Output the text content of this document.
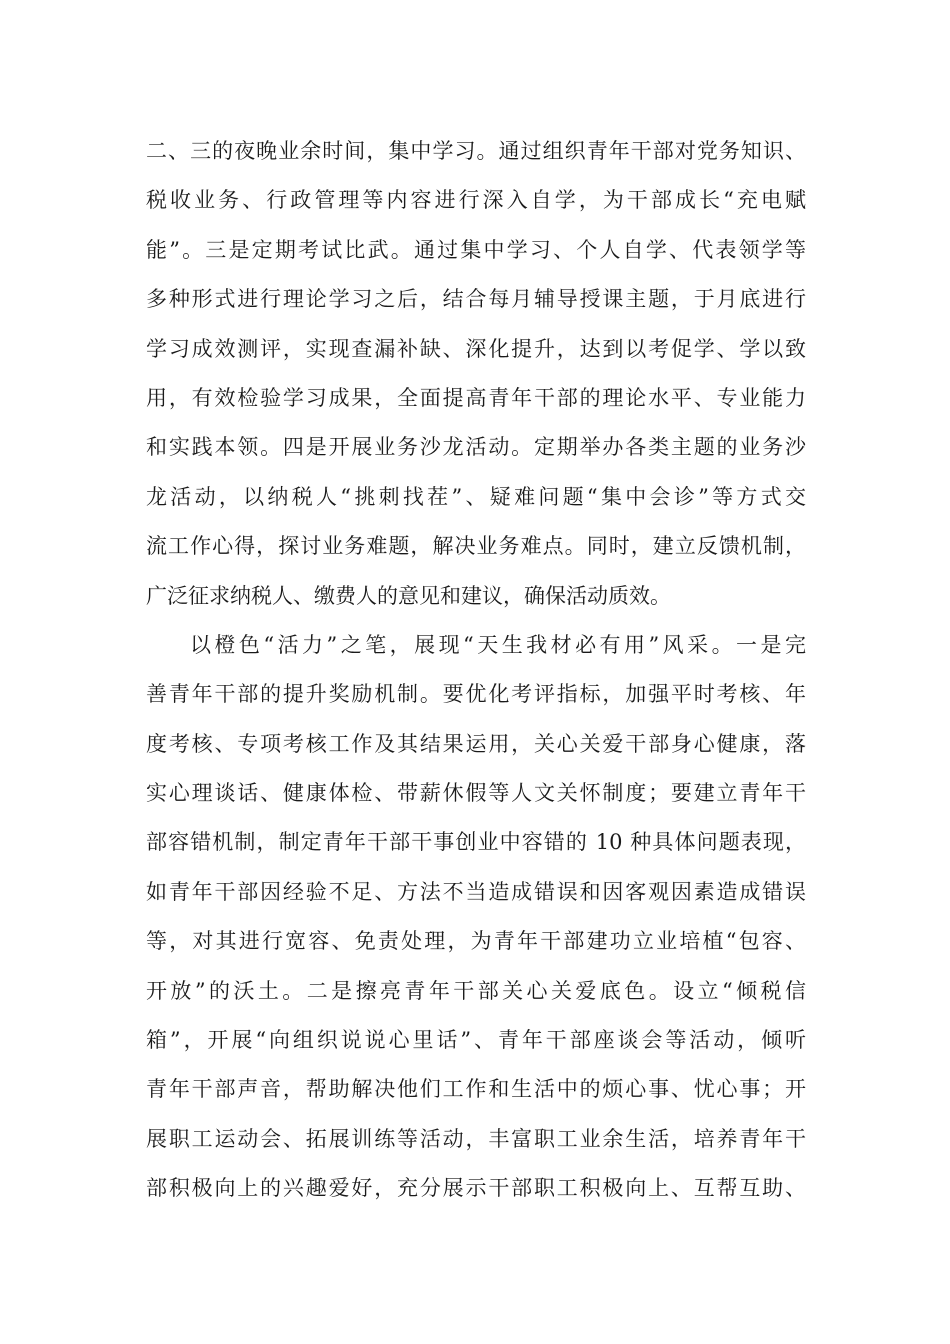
二、三的夜晚业余时间，集中学习。通过组织青年干部对党务知识、
税收业务、行政管理等内容进行深入自学，为干部成长“充电赋
能”。三是定期考试比武。通过集中学习、个人自学、代表领学等
多种形式进行理论学习之后，结合每月辅导授课主题，于月底进行
学习成效测评，实现查漏补缺、深化提升，达到以考促学、学以致
用，有效检验学习成果，全面提高青年干部的理论水平、专业能力
和实践本领。四是开展业务沙龙活动。定期举办各类主题的业务沙
龙活动，以纳税人“挑刺找茬”、疑难问题“集中会诊”等方式交
流工作心得，探讨业务难题，解决业务难点。同时，建立反馈机制，
广泛征求纳税人、缴费人的意见和建议，确保活动质效。
以橙色“活力”之笔，展现“天生我材必有用”风采。一是完
善青年干部的提升奖励机制。要优化考评指标，加强平时考核、年
度考核、专项考核工作及其结果运用，关心关爱干部身心健康，落
实心理谈话、健康体检、带薪休假等人文关怀制度；要建立青年干
部容错机制，制定青年干部干事创业中容错的 10 种具体问题表现，
如青年干部因经验不足、方法不当造成错误和因客观因素造成错误
等，对其进行宽容、免责处理，为青年干部建功立业培植“包容、
开放”的沃土。二是擦亮青年干部关心关爱底色。设立“倾税信
箱”，开展“向组织说说心里话”、青年干部座谈会等活动，倾听
青年干部声音，帮助解决他们工作和生活中的烦心事、忧心事；开
展职工运动会、拓展训练等活动，丰富职工业余生活，培养青年干
部积极向上的兴趣爱好，充分展示干部职工积极向上、互帮互助、
